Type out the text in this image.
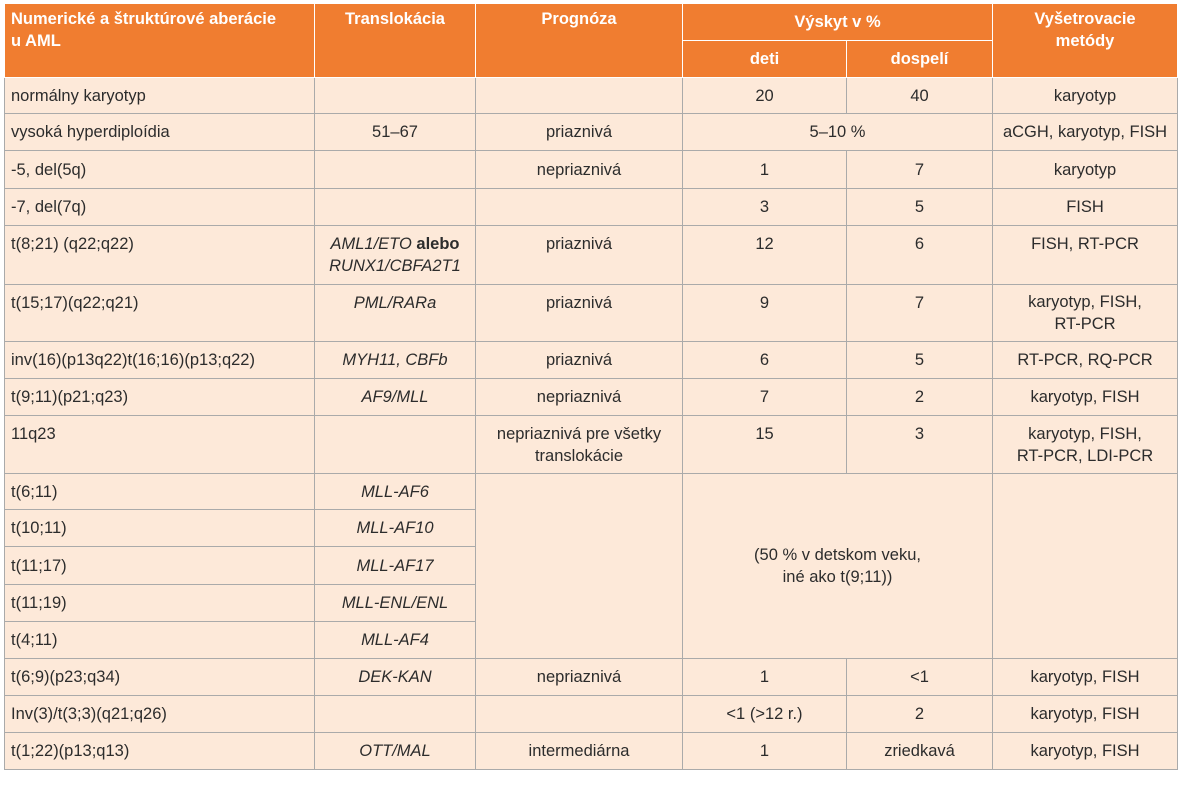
Numerické a štruktúrové aberácie
u AML	Translokácia	Prognóza	Výskyt v %		Vyšetrovacie
metódy
			deti	dospelí	
normálny karyotyp			20	40	karyotyp
vysoká hyperdiploídia	51–67	priaznivá	5–10 %		aCGH, karyotyp, FISH
-5, del(5q)		nepriaznivá	1	7	karyotyp
-7, del(7q)			3	5	FISH
t(8;21) (q22;q22)	AML1/ETO alebo
RUNX1/CBFA2T1	priaznivá	12	6	FISH, RT-PCR
t(15;17)(q22;q21)	PML/RARa	priaznivá	9	7	karyotyp, FISH,
RT-PCR
inv(16)(p13q22)t(16;16)(p13;q22)	MYH11, CBFb	priaznivá	6	5	RT-PCR, RQ-PCR
t(9;11)(p21;q23)	AF9/MLL	nepriaznivá	7	2	karyotyp, FISH
11q23		nepriaznivá pre všetky
translokácie	15	3	karyotyp, FISH,
RT-PCR, LDI-PCR
t(6;11)	MLL-AF6		(50 % v detskom veku,
iné ako t(9;11))		
t(10;11)	MLL-AF10				
t(11;17)	MLL-AF17				
t(11;19)	MLL-ENL/ENL				
t(4;11)	MLL-AF4				
t(6;9)(p23;q34)	DEK-KAN	nepriaznivá	1	<1	karyotyp, FISH
Inv(3)/t(3;3)(q21;q26)			<1 (>12 r.)	2	karyotyp, FISH
t(1;22)(p13;q13)	OTT/MAL	intermediárna	1	zriedkavá	karyotyp, FISH
